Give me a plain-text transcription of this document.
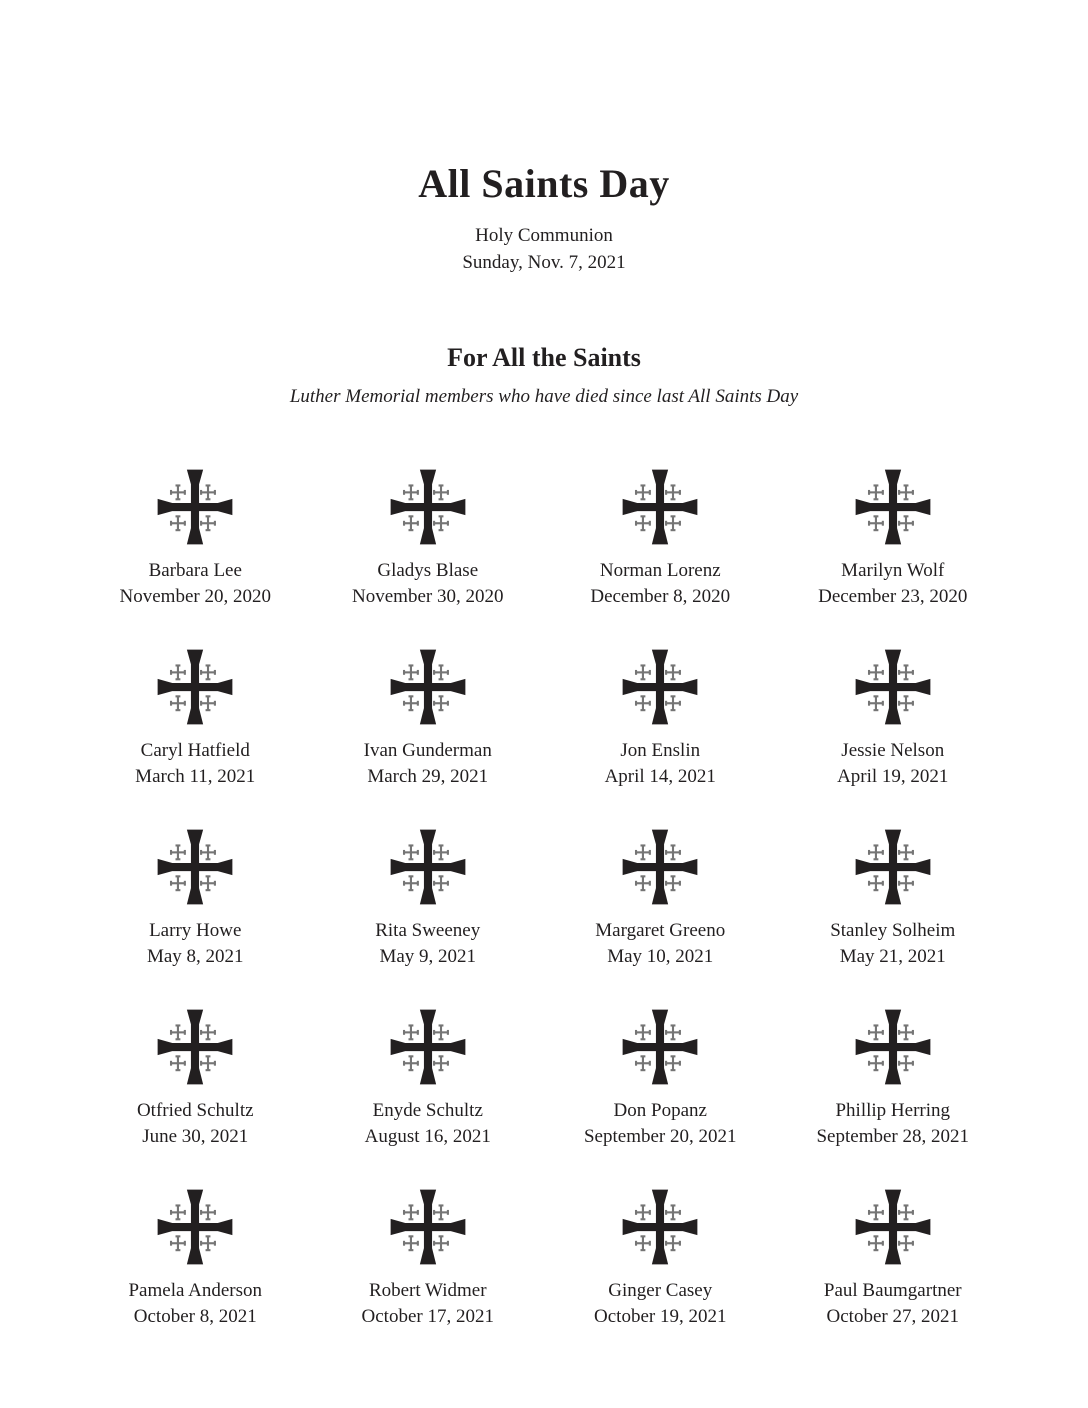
All Saints Day
Holy Communion
Sunday, Nov. 7, 2021
For All the Saints
Luther Memorial members who have died since last All Saints Day
Barbara Lee
November 20, 2020
Gladys Blase
November 30, 2020
Norman Lorenz
December 8, 2020
Marilyn Wolf
December 23, 2020
Caryl Hatfield
March 11, 2021
Ivan Gunderman
March 29, 2021
Jon Enslin
April 14, 2021
Jessie Nelson
April 19, 2021
Larry Howe
May 8, 2021
Rita Sweeney
May 9, 2021
Margaret Greeno
May 10, 2021
Stanley Solheim
May 21, 2021
Otfried Schultz
June 30, 2021
Enyde Schultz
August 16, 2021
Don Popanz
September 20, 2021
Phillip Herring
September 28, 2021
Pamela Anderson
October 8, 2021
Robert Widmer
October 17, 2021
Ginger Casey
October 19, 2021
Paul Baumgartner
October 27, 2021
